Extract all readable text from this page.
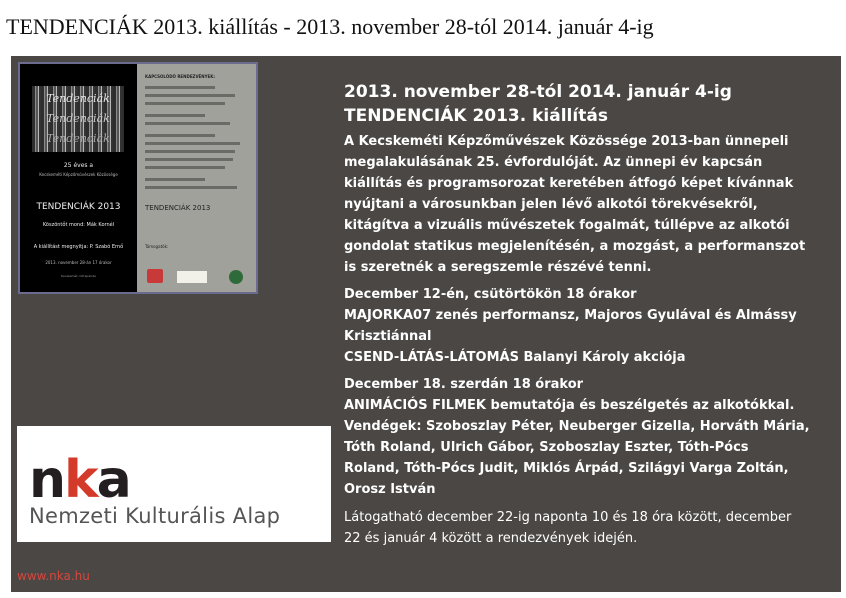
TENDENCIÁK 2013. kiállítás - 2013. november 28-tól 2014. január 4-ig
Tendenciák
Tendenciák
Tendenciák
25 éves a
Kecskeméti Képzőművészek Közössége
TENDENCIÁK 2013
Köszöntőt mond: Mák Kornél
A kiállítást megnyitja: P. Szabó Ernő
2013. november 28-án 17 órakor
Kecskemét, Cifrapalota
KAPCSOLÓDÓ RENDEZVÉNYEK:
TENDENCIÁK 2013
Támogatók:
nka
Nemzeti Kulturális Alap
www.nka.hu
2013. november 28-tól 2014. január 4-ig
TENDENCIÁK 2013. kiállítás

A Kecskeméti Képzőművészek Közössége 2013-ban ünnepeli
megalakulásának 25. évfordulóját. Az ünnepi év kapcsán
kiállítás és programsorozat keretében átfogó képet kívánnak
nyújtani a városunkban jelen lévő alkotói törekvésekről,
kitágítva a vizuális művészetek fogalmát, túllépve az alkotói
gondolat statikus megjelenítésén, a mozgást, a performanszot
is szeretnék a seregszemle részévé tenni.

December 12-én, csütörtökön 18 órakor
MAJORKA07 zenés performansz, Majoros Gyulával és Almássy
Krisztiánnal
CSEND-LÁTÁS-LÁTOMÁS Balanyi Károly akciója

December 18. szerdán 18 órakor
ANIMÁCIÓS FILMEK bemutatója és beszélgetés az alkotókkal.
Vendégek: Szoboszlay Péter, Neuberger Gizella, Horváth Mária,
Tóth Roland, Ulrich Gábor, Szoboszlay Eszter, Tóth-Pócs
Roland, Tóth-Pócs Judit, Miklós Árpád, Szilágyi Varga Zoltán,
Orosz István

Látogatható december 22-ig naponta 10 és 18 óra között, december
22 és január 4 között a rendezvények idején.
